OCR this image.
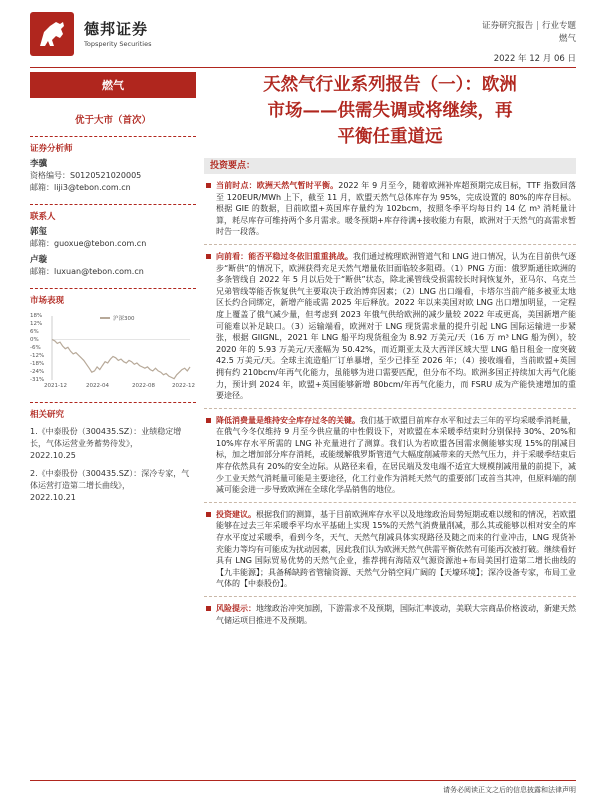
德邦证券
Topsperity Securities
证券研究报告 | 行业专题
燃气
2022 年 12 月 06 日
燃气
优于大市（首次）
证券分析师
李骥
资格编号：S0120521020005
邮箱：liji3@tebon.com.cn
联系人
郭玺
邮箱：guoxue@tebon.com.cn
卢璇
邮箱：luxuan@tebon.com.cn
市场表现
沪深300
18%
12%
6%
0%
-6%
-12%
-18%
-24%
-31%
2021-12	2022-04	2022-08	2022-12
相关研究
1.《中泰股份（300435.SZ）：业绩稳定增长，气体运营业务蓄势待发》，
2022.10.25
2.《中泰股份（300435.SZ）：深冷专家，气体运营打造第二增长曲线》，
2022.10.21
天然气行业系列报告（一）：欧洲
市场——供需失调或将继续，再
平衡任重道远
投资要点：
当前时点：欧洲天然气暂时平衡。2022 年 9 月至今，随着欧洲补库超预期完成目标，TTF 指数回落至 120EUR/MWh 上下，截至 11 月，欧盟天然气总体库存为 95%，完成设置的 80%的库存目标。根据 GIE 的数据，目前欧盟+英国库存量约为 102bcm，按照冬季平均每日约 14 亿 m³ 消耗量计算，耗尽库存可维持两个多月需求。暖冬预期+库存待满+接收能力有限，欧洲对于天然气的高需求暂时告一段落。
向前看：能否平稳过冬依旧重重挑战。我们通过梳理欧洲管道气和 LNG 进口情况，认为在目前供气逐步“断供”的情况下，欧洲获得充足天然气增量依旧面临较多阻碍。（1）PNG 方面：俄罗斯通往欧洲的多条管线自 2022 年 5 月以后处于“断供”状态，除北溪管线受损需较长时间恢复外，亚马尔、乌克兰兄弟管线等能否恢复供气主要取决于政治博弈因素；（2）LNG 出口端看，卡塔尔当前产能多被亚太地区长约合同绑定，新增产能或需 2025 年后释放。2022 年以来美国对欧 LNG 出口增加明显，一定程度上覆盖了俄气减少量，但考虑到 2023 年俄气供给欧洲的减少量较 2022 年或更高，美国新增产能可能难以补足缺口。（3）运输端看，欧洲对于 LNG 现货需求量的提升引起 LNG 国际运输进一步紧张，根据 GIIGNL，2021 年 LNG 船平均现货租金为 8.92 万美元/天（16 万 m³ LNG 船为例），较 2020 年的 5.93 万美元/天涨幅为 50.42%，而近期亚太及大西洋区域大型 LNG 船日租金一度突破 42.5 万美元/天。全球主流造船厂订单暴增，至少已排至 2026 年；（4）接收端看，当前欧盟+英国拥有约 210bcm/年再气化能力，虽能够为进口需要匹配，但分布不均。欧洲多国正持续加大再气化能力，预计到 2024 年，欧盟+英国能够新增 80bcm/年再气化能力，而 FSRU 成为产能快速增加的重要途径。
降低消费量是维持安全库存过冬的关键。我们基于欧盟目前库存水平和过去三年的平均采暖季消耗量，在俄气今冬仅维持 9 月至今供应量的中性假设下，对欧盟在本采暖季结束时分别保持 30%、20%和 10%库存水平所需的 LNG 补充量进行了测算。我们认为若欧盟各国需求侧能够实现 15%的削减目标，加之增加部分库存消耗，或能缓解俄罗斯管道气大幅度削减带来的天然气压力，并于采暖季结束后库存依然具有 20%的安全边际。从路径来看，在居民端及发电端不适宜大规模削减用量的前提下，减少工业天然气消耗量可能是主要途径，化工行业作为消耗天然气的重要部门或首当其冲，但原料端的削减可能会进一步导致欧洲在全球化学品销售的地位。
投资建议。根据我们的测算，基于目前欧洲库存水平以及地缘政治局势短期或难以缓和的情况，若欧盟能够在过去三年采暖季平均水平基础上实现 15%的天然气消费量削减，那么其或能够以相对安全的库存水平度过采暖季，看到今冬，天气、天然气削减具体实现路径及随之而来的行业冲击，LNG 现货补充能力等均有可能成为扰动因素，因此我们认为欧洲天然气供需平衡依然有可能再次被打破。继续看好具有 LNG 国际贸易优势的天然气企业，推荐拥有海陆双气源资源池+布局美国打造第二增长曲线的【九丰能源】；具备稀缺跨省管输资源、天然气分销空间广阔的【天壕环境】；深冷设备专家，布局工业气体的【中泰股份】。
风险提示：地缘政治冲突加剧，下游需求不及预期，国际汇率波动，美联大宗商品价格波动，新建天然气储运项目推进不及预期。
请务必阅读正文之后的信息披露和法律声明
